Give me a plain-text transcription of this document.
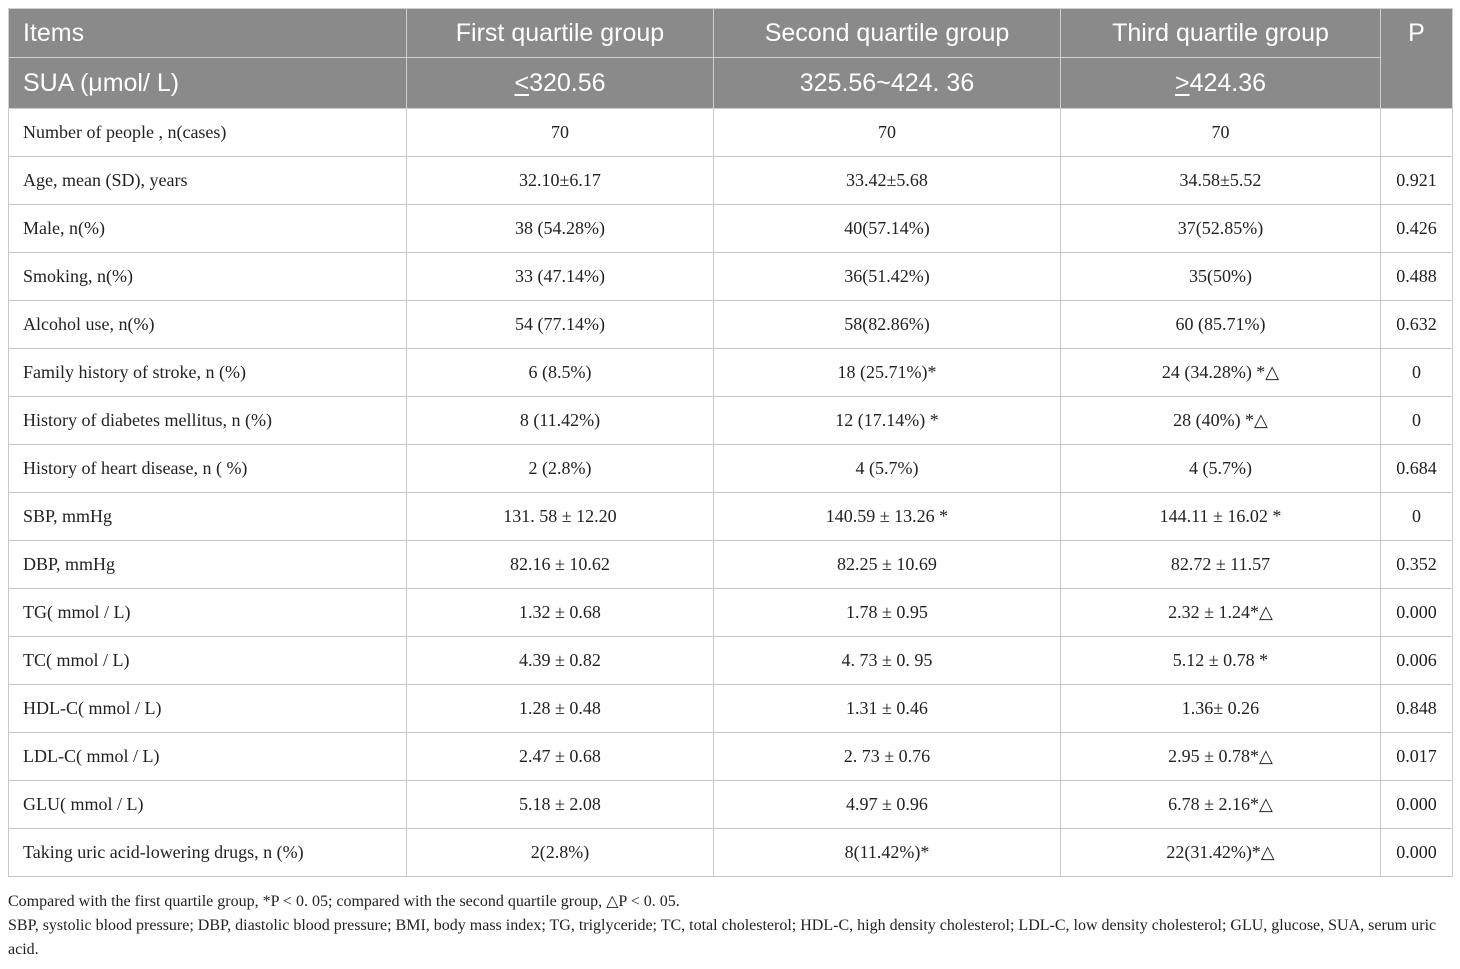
Items	First quartile group	Second quartile group	Third quartile group	P
SUA (μmol/ L)	≤320.56	325.56~424. 36	≥424.36	
Number of people , n(cases)	70	70	70	
Age, mean (SD), years	32.10±6.17	33.42±5.68	34.58±5.52	0.921
Male, n(%)	38 (54.28%)	40(57.14%)	37(52.85%)	0.426
Smoking, n(%)	33 (47.14%)	36(51.42%)	35(50%)	0.488
Alcohol use, n(%)	54 (77.14%)	58(82.86%)	60 (85.71%)	0.632
Family history of stroke, n (%)	6 (8.5%)	18 (25.71%)*	24 (34.28%) *△	0
History of diabetes mellitus, n (%)	8 (11.42%)	12 (17.14%) *	28 (40%) *△	0
History of heart disease, n ( %)	2 (2.8%)	4 (5.7%)	4 (5.7%)	0.684
SBP, mmHg	131. 58 ± 12.20	140.59 ± 13.26 *	144.11 ± 16.02 *	0
DBP, mmHg	82.16 ± 10.62	82.25 ± 10.69	82.72 ± 11.57	0.352
TG( mmol / L)	1.32 ± 0.68	1.78 ± 0.95	2.32 ± 1.24*△	0.000
TC( mmol / L)	4.39 ± 0.82	4. 73 ± 0. 95	5.12 ± 0.78 *	0.006
HDL-C( mmol / L)	1.28 ± 0.48	1.31 ± 0.46	1.36± 0.26	0.848
LDL-C( mmol / L)	2.47 ± 0.68	2. 73 ± 0.76	2.95 ± 0.78*△	0.017
GLU( mmol / L)	5.18 ± 2.08	4.97 ± 0.96	6.78 ± 2.16*△	0.000
Taking uric acid-lowering drugs, n (%)	2(2.8%)	8(11.42%)*	22(31.42%)*△	0.000

Compared with the first quartile group, *P < 0. 05; compared with the second quartile group, △P < 0. 05.

SBP, systolic blood pressure; DBP, diastolic blood pressure; BMI, body mass index; TG, triglyceride; TC, total cholesterol; HDL-C, high density cholesterol; LDL-C, low density cholesterol; GLU, glucose, SUA, serum uric acid.
